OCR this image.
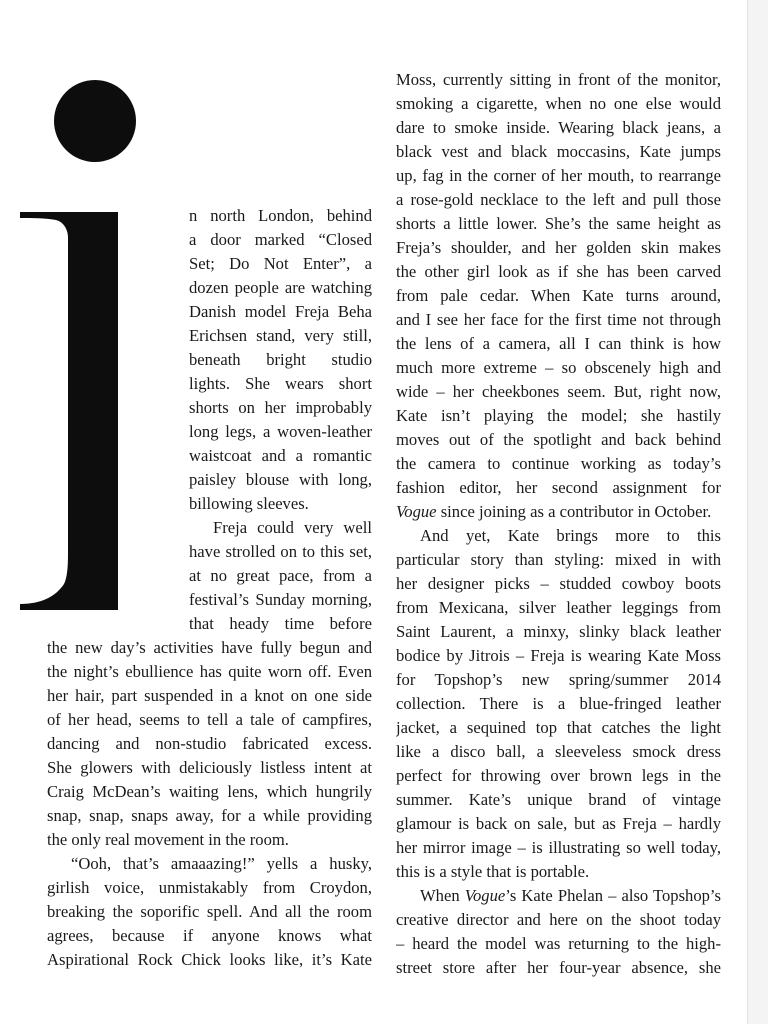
n north London, behind
a door marked “Closed
Set; Do Not Enter”, a
dozen people are watching
Danish model Freja Beha
Erichsen stand, very still,
beneath bright studio
lights. She wears short
shorts on her improbably
long legs, a woven-leather
waistcoat and a romantic
paisley blouse with long,
billowing sleeves.
Freja could very well
have strolled on to this set,
at no great pace, from a
festival’s Sunday morning,
that heady time before
the new day’s activities have fully begun and
the night’s ebullience has quite worn off. Even
her hair, part suspended in a knot on one side
of her head, seems to tell a tale of campfires,
dancing and non-studio fabricated excess.
She glowers with deliciously listless intent at
Craig McDean’s waiting lens, which hungrily
snap, snap, snaps away, for a while providing
the only real movement in the room.
“Ooh, that’s amaaazing!” yells a husky,
girlish voice, unmistakably from Croydon,
breaking the soporific spell. And all the room
agrees, because if anyone knows what
Aspirational Rock Chick looks like, it’s Kate
Moss, currently sitting in front of the monitor,
smoking a cigarette, when no one else would
dare to smoke inside. Wearing black jeans, a
black vest and black moccasins, Kate jumps
up, fag in the corner of her mouth, to rearrange
a rose-gold necklace to the left and pull those
shorts a little lower. She’s the same height as
Freja’s shoulder, and her golden skin makes
the other girl look as if she has been carved
from pale cedar. When Kate turns around,
and I see her face for the first time not through
the lens of a camera, all I can think is how
much more extreme – so obscenely high and
wide – her cheekbones seem. But, right now,
Kate isn’t playing the model; she hastily
moves out of the spotlight and back behind
the camera to continue working as today’s
fashion editor, her second assignment for
Vogue since joining as a contributor in October.
And yet, Kate brings more to this
particular story than styling: mixed in with
her designer picks – studded cowboy boots
from Mexicana, silver leather leggings from
Saint Laurent, a minxy, slinky black leather
bodice by Jitrois – Freja is wearing Kate Moss
for Topshop’s new spring/summer 2014
collection. There is a blue-fringed leather
jacket, a sequined top that catches the light
like a disco ball, a sleeveless smock dress
perfect for throwing over brown legs in the
summer. Kate’s unique brand of vintage
glamour is back on sale, but as Freja – hardly
her mirror image – is illustrating so well today,
this is a style that is portable.
When Vogue’s Kate Phelan – also Topshop’s
creative director and here on the shoot today
– heard the model was returning to the high-
street store after her four-year absence, she
